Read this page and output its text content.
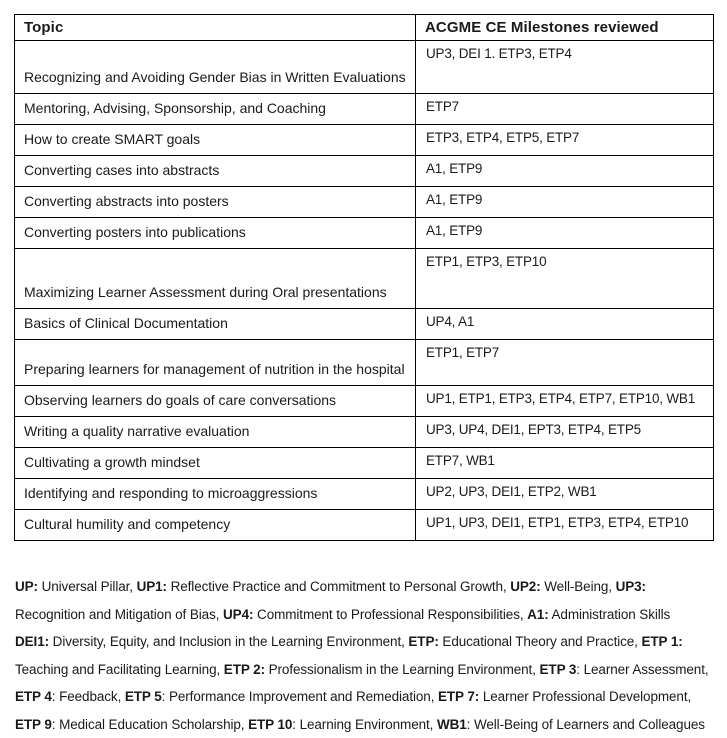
Topic	ACGME CE Milestones reviewed
Recognizing and Avoiding Gender Bias in Written Evaluations	UP3, DEI 1. ETP3, ETP4
Mentoring, Advising, Sponsorship, and Coaching	ETP7
How to create SMART goals	ETP3, ETP4, ETP5, ETP7
Converting cases into abstracts	A1, ETP9
Converting abstracts into posters	A1, ETP9
Converting posters into publications	A1, ETP9
Maximizing Learner Assessment during Oral presentations	ETP1, ETP3, ETP10
Basics of Clinical Documentation	UP4, A1
Preparing learners for management of nutrition in the hospital	ETP1, ETP7
Observing learners do goals of care conversations	UP1, ETP1, ETP3, ETP4, ETP7, ETP10, WB1
Writing a quality narrative evaluation	UP3, UP4, DEI1, EPT3, ETP4, ETP5
Cultivating a growth mindset	ETP7, WB1
Identifying and responding to microaggressions	UP2, UP3, DEI1, ETP2, WB1
Cultural humility and competency	UP1, UP3, DEI1, ETP1, ETP3, ETP4, ETP10
UP: Universal Pillar, UP1: Reflective Practice and Commitment to Personal Growth, UP2: Well-Being, UP3:
Recognition and Mitigation of Bias, UP4: Commitment to Professional Responsibilities, A1: Administration Skills
DEI1: Diversity, Equity, and Inclusion in the Learning Environment, ETP: Educational Theory and Practice, ETP 1:
Teaching and Facilitating Learning, ETP 2: Professionalism in the Learning Environment, ETP 3: Learner Assessment,
ETP 4: Feedback, ETP 5: Performance Improvement and Remediation, ETP 7: Learner Professional Development,
ETP 9: Medical Education Scholarship, ETP 10: Learning Environment, WB1: Well-Being of Learners and Colleagues
